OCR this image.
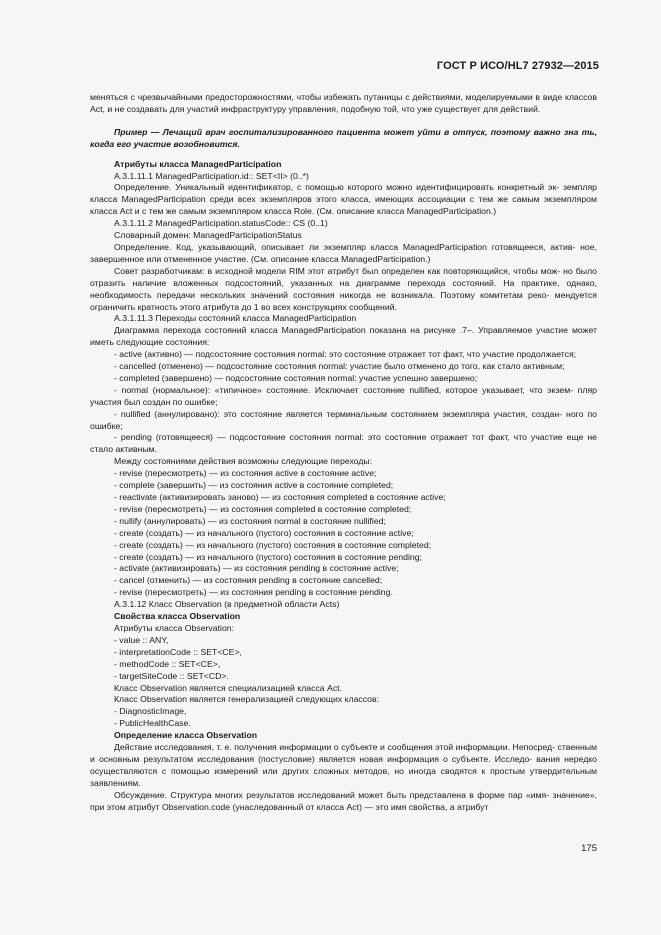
ГОСТ Р ИСО/HL7 27932—2015

меняться с чрезвычайными предосторожностями, чтобы избежать путаницы с действиями, моделируемыми в виде классов Act, и не создавать для участий инфраструктуру управления, подобную той, что уже существует для действий.

Пример — Лечащий врач госпитализированного пациента может уйти в отпуск, поэтому важно зна ть, когда его участие возобновится.

Атрибуты класса ManagedParticipation

A.3.1.11.1 ManagedParticipation.id:: SET<II> (0..*)

Определение. Уникальный идентификатор, с помощью которого можно идентифицировать конкретный эк- земпляр класса ManagedParticipation среди всех экземпляров этого класса, имеющих ассоциации с тем же самым экземпляром класса Act и с тем же самым экземпляром класса Role. (См. описание класса ManagedParticipation.)

A.3.1.11.2 ManagedParticipation.statusCode:: CS (0..1)

Словарный домен: ManagedParticipationStatus

Определение. Код, указывающий, описывает ли экземпляр класса ManagedParticipation готовящееся, актив- ное, завершенное или отмененное участие. (См. описание класса ManagedParticipation.)

Совет разработчикам: в исходной модели RIM этот атрибут был определен как повторяющийся, чтобы мож- но было отразить наличие вложенных подсостояний, указанных на диаграмме перехода состояний. На практике, однако, необходимость передачи нескольких значений состояния никогда не возникала. Поэтому комитетам реко- мендуется ограничить кратность этого атрибута до 1 во всех конструкциях сообщений.

A.3.1.11.3 Переходы состояний класса ManagedParticipation

Диаграмма перехода состояний класса ManagedParticipation показана на рисунке .7–. Управляемое участие может иметь следующие состояния:

- active (активно) — подсостояние состояния normal: это состояние отражает тот факт, что участие продолжается;

- cancelled (отменено) — подсостояние состояния normal: участие было отменено до того, как стало активным;

- completed (завершено) — подсостояние состояния normal: участие успешно завершено;

- normal (нормальное): «типичное» состояние. Исключает состояние nullified, которое указывает, что экзем- пляр участия был создан по ошибке;

- nullified (аннулировано): это состояние является терминальным состоянием экземпляра участия, создан- ного по ошибке;

- pending (готовящееся) — подсостояние состояния normal: это состояние отражает тот факт, что участие еще не стало активным.

Между состояниями действия возможны следующие переходы:

- revise (пересмотреть) — из состояния active в состояние active;

- complete (завершить) — из состояния active в состояние completed;

- reactivate (активизировать заново) — из состояния completed в состояние active;

- revise (пересмотреть) — из состояния completed в состояние completed;

- nullify (аннулировать) — из состояния normal в состояние nullified;

- create (создать) — из начального (пустого) состояния в состояние active;

- create (создать) — из начального (пустого) состояния в состояние completed;

- create (создать) — из начального (пустого) состояния в состояние pending;

- activate (активизировать) — из состояния pending в состояние active;

- cancel (отменить) — из состояния pending в состояние cancelled;

- revise (пересмотреть) — из состояния pending в состояние pending.

A.3.1.12 Класс Observation (в предметной области Acts)

Свойства класса Observation

Атрибуты класса Observation:

- value :: ANY,

- interpretationCode :: SET<CE>,

- methodCode :: SET<CE>,

- targetSiteCode :: SET<CD>.

Класс Observation является специализацией класса Act.

Класс Observation является генерализацией следующих классов:

- DiagnosticImage,

- PublicHealthCase.

Определение класса Observation

Действие исследования, т. е. получения информации о субъекте и сообщения этой информации. Непосред- ственным и основным результатом исследования (постусловие) является новая информация о субъекте. Исследо- вания нередко осуществляются с помощью измерений или других сложных методов, но иногда сводятся к простым утвердительным заявлениям.

Обсуждение. Структура многих результатов исследований может быть представлена в форме пар «имя- значение», при этом атрибут Observation.code (унаследованный от класса Act) — это имя свойства, а атрибут

175
